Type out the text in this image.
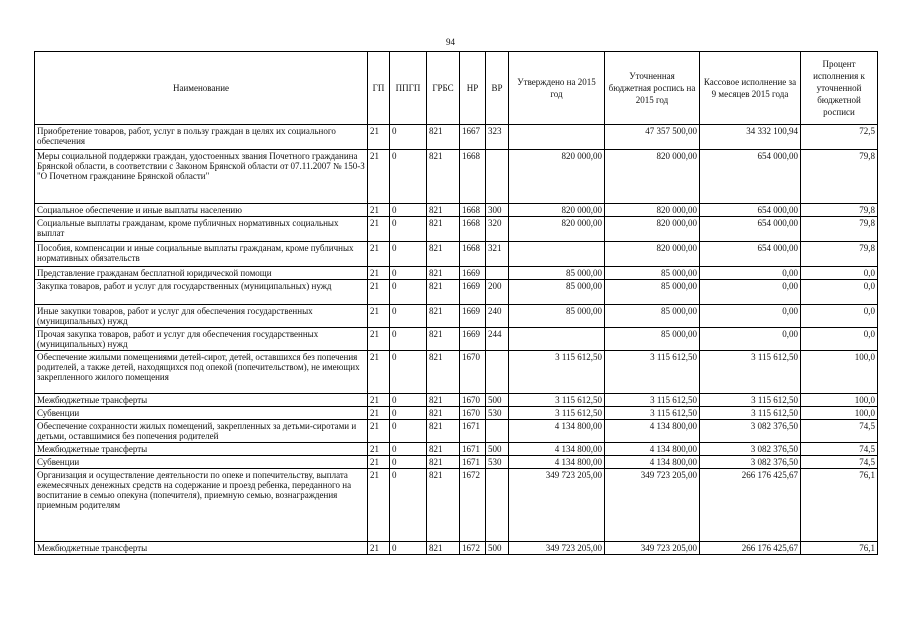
94
Наименование	ГП	ППГП	ГРБС	НР	ВР	Утверждено на 2015 год	Уточненная бюджетная роспись на 2015 год	Кассовое исполнение за 9 месяцев 2015 года	Процент исполнения к уточненной бюджетной росписи
Приобретение товаров, работ, услуг в пользу граждан в целях их социального обеспечения	21	0	821	1667	323		47 357 500,00	34 332 100,94	72,5
Меры социальной поддержки граждан, удостоенных звания Почетного гражданина Брянской области, в соответствии с Законом Брянской области от 07.11.2007 № 150-З "О Почетном гражданине Брянской области"	21	0	821	1668		820 000,00	820 000,00	654 000,00	79,8
Социальное обеспечение и иные выплаты населению	21	0	821	1668	300	820 000,00	820 000,00	654 000,00	79,8
Социальные выплаты гражданам, кроме публичных нормативных социальных выплат	21	0	821	1668	320	820 000,00	820 000,00	654 000,00	79,8
Пособия, компенсации и иные социальные выплаты гражданам, кроме публичных нормативных обязательств	21	0	821	1668	321		820 000,00	654 000,00	79,8
Представление гражданам бесплатной юридической помощи	21	0	821	1669		85 000,00	85 000,00	0,00	0,0
Закупка товаров, работ и услуг для государственных (муниципальных) нужд	21	0	821	1669	200	85 000,00	85 000,00	0,00	0,0
Иные закупки товаров, работ и услуг для обеспечения государственных (муниципальных) нужд	21	0	821	1669	240	85 000,00	85 000,00	0,00	0,0
Прочая закупка товаров, работ и услуг для обеспечения государственных (муниципальных) нужд	21	0	821	1669	244		85 000,00	0,00	0,0
Обеспечение жилыми помещениями детей-сирот, детей, оставшихся без попечения родителей, а также детей, находящихся под опекой (попечительством), не имеющих закрепленного жилого помещения	21	0	821	1670		3 115 612,50	3 115 612,50	3 115 612,50	100,0
Межбюджетные трансферты	21	0	821	1670	500	3 115 612,50	3 115 612,50	3 115 612,50	100,0
Субвенции	21	0	821	1670	530	3 115 612,50	3 115 612,50	3 115 612,50	100,0
Обеспечение сохранности жилых помещений, закрепленных за детьми-сиротами и детьми, оставшимися без попечения родителей	21	0	821	1671		4 134 800,00	4 134 800,00	3 082 376,50	74,5
Межбюджетные трансферты	21	0	821	1671	500	4 134 800,00	4 134 800,00	3 082 376,50	74,5
Субвенции	21	0	821	1671	530	4 134 800,00	4 134 800,00	3 082 376,50	74,5
Организация и осуществление деятельности по опеке и попечительству, выплата ежемесячных денежных средств на содержание и проезд ребенка, переданного на воспитание в семью опекуна (попечителя), приемную семью, вознаграждения приемным родителям	21	0	821	1672		349 723 205,00	349 723 205,00	266 176 425,67	76,1
Межбюджетные трансферты	21	0	821	1672	500	349 723 205,00	349 723 205,00	266 176 425,67	76,1
